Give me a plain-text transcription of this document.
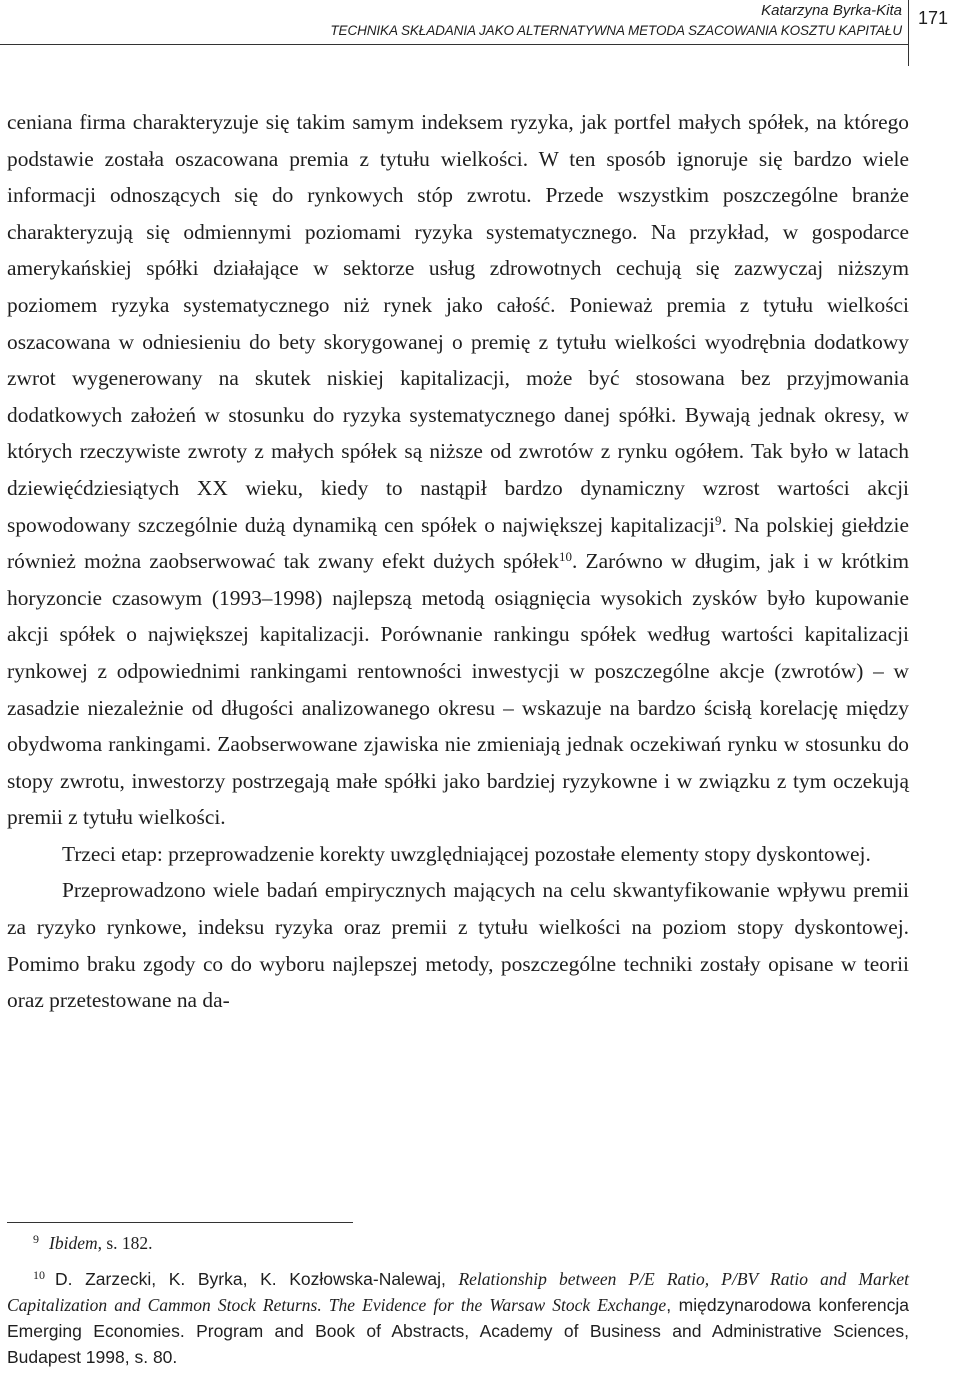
Katarzyna Byrka-Kita
TECHNIKA SKŁADANIA JAKO ALTERNATYWNA METODA SZACOWANIA KOSZTU KAPITAŁU
171

ceniana firma charakteryzuje się takim samym indeksem ryzyka, jak portfel małych spółek, na którego podstawie została oszacowana premia z tytułu wielkości. W ten sposób ignoruje się bardzo wiele informacji odnoszących się do rynkowych stóp zwrotu. Przede wszystkim poszczególne branże charakteryzują się odmiennymi poziomami ryzyka systematycznego. Na przykład, w gospodarce amerykańskiej spółki działające w sektorze usług zdrowotnych cechują się zazwyczaj niższym poziomem ryzyka systematycznego niż rynek jako całość. Ponieważ premia z tytułu wielkości oszacowana w odniesieniu do bety skorygowanej o premię z tytułu wielkości wyodrębnia dodatkowy zwrot wygenerowany na skutek niskiej kapitalizacji, może być stosowana bez przyjmowania dodatkowych założeń w stosunku do ryzyka systematycznego danej spółki. Bywają jednak okresy, w których rzeczywiste zwroty z małych spółek są niższe od zwrotów z rynku ogółem. Tak było w latach dziewięćdziesiątych XX wieku, kiedy to nastąpił bardzo dynamiczny wzrost wartości akcji spowodowany szczególnie dużą dynamiką cen spółek o największej kapitalizacji$^9$. Na polskiej giełdzie również można zaobserwować tak zwany efekt dużych spółek$^{10}$. Zarówno w długim, jak i w krótkim horyzoncie czasowym (1993–1998) najlepszą metodą osiągnięcia wysokich zysków było kupowanie akcji spółek o największej kapitalizacji. Porównanie rankingu spółek według wartości kapitalizacji rynkowej z odpowiednimi rankingami rentowności inwestycji w poszczególne akcje (zwrotów) – w zasadzie niezależnie od długości analizowanego okresu – wskazuje na bardzo ścisłą korelację między obydwoma rankingami. Zaobserwowane zjawiska nie zmieniają jednak oczekiwań rynku w stosunku do stopy zwrotu, inwestorzy postrzegają małe spółki jako bardziej ryzykowne i w związku z tym oczekują premii z tytułu wielkości.

Trzeci etap: przeprowadzenie korekty uwzględniającej pozostałe elementy stopy dyskontowej.

Przeprowadzono wiele badań empirycznych mających na celu skwantyfikowanie wpływu premii za ryzyko rynkowe, indeksu ryzyka oraz premii z tytułu wielkości na poziom stopy dyskontowej. Pomimo braku zgody co do wyboru najlepszej metody, poszczególne techniki zostały opisane w teorii oraz przetestowane na da-

$^9$ Ibidem, s. 182.

$^{10}$ D. Zarzecki, K. Byrka, K. Kozłowska-Nalewaj, Relationship between P/E Ratio, P/BV Ratio and Market Capitalization and Cammon Stock Returns. The Evidence for the Warsaw Stock Exchange, międzynarodowa konferencja Emerging Economies. Program and Book of Abstracts, Academy of Business and Administrative Sciences, Budapest 1998, s. 80.
